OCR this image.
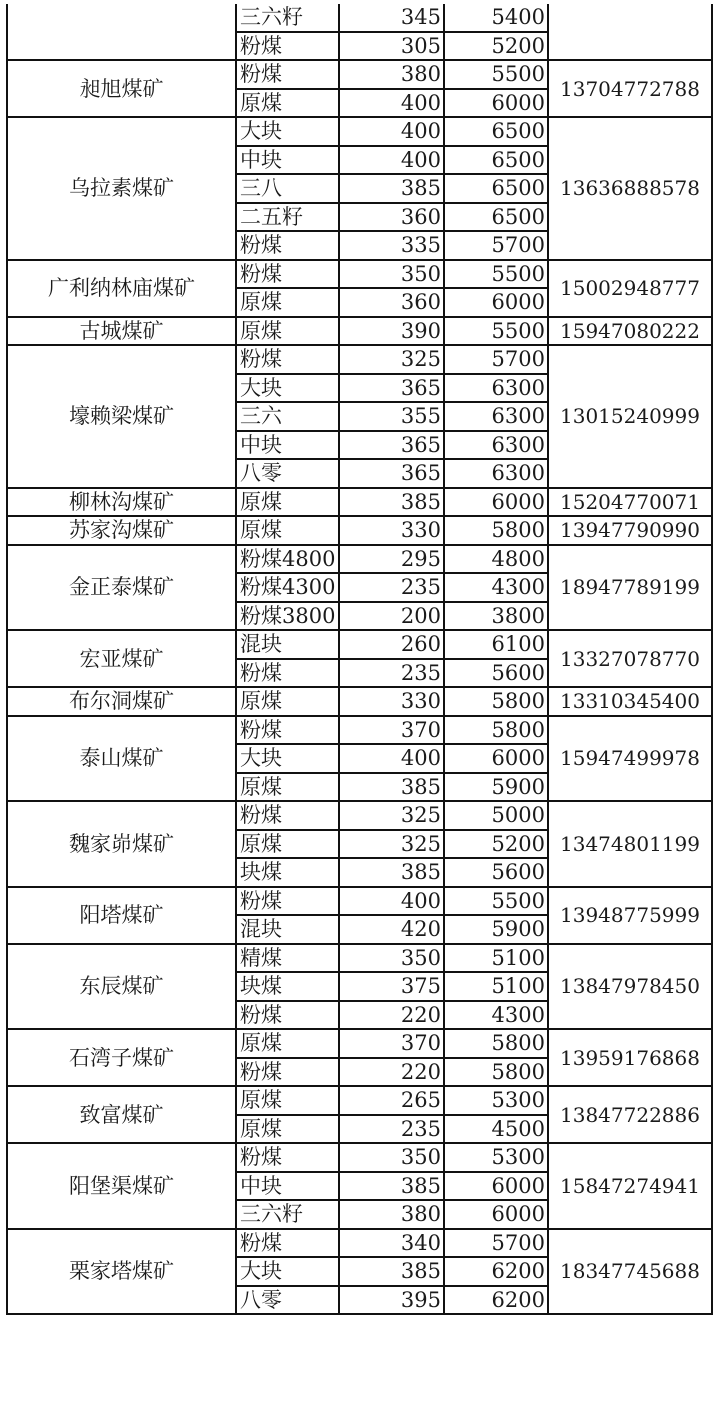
	三六籽	345	5400	
	粉煤	305	5200	
昶旭煤矿	粉煤	380	5500	13704772788
	原煤	400	6000	
乌拉素煤矿	大块	400	6500	13636888578
	中块	400	6500	
	三八	385	6500	
	二五籽	360	6500	
	粉煤	335	5700	
广利纳林庙煤矿	粉煤	350	5500	15002948777
	原煤	360	6000	
古城煤矿	原煤	390	5500	15947080222
壕赖梁煤矿	粉煤	325	5700	13015240999
	大块	365	6300	
	三六	355	6300	
	中块	365	6300	
	八零	365	6300	
柳林沟煤矿	原煤	385	6000	15204770071
苏家沟煤矿	原煤	330	5800	13947790990
金正泰煤矿	粉煤4800	295	4800	18947789199
	粉煤4300	235	4300	
	粉煤3800	200	3800	
宏亚煤矿	混块	260	6100	13327078770
	粉煤	235	5600	
布尔洞煤矿	原煤	330	5800	13310345400
泰山煤矿	粉煤	370	5800	15947499978
	大块	400	6000	
	原煤	385	5900	
魏家峁煤矿	粉煤	325	5000	13474801199
	原煤	325	5200	
	块煤	385	5600	
阳塔煤矿	粉煤	400	5500	13948775999
	混块	420	5900	
东辰煤矿	精煤	350	5100	13847978450
	块煤	375	5100	
	粉煤	220	4300	
石湾子煤矿	原煤	370	5800	13959176868
	粉煤	220	5800	
致富煤矿	原煤	265	5300	13847722886
	原煤	235	4500	
阳堡渠煤矿	粉煤	350	5300	15847274941
	中块	385	6000	
	三六籽	380	6000	
栗家塔煤矿	粉煤	340	5700	18347745688
	大块	385	6200	
	八零	395	6200	
